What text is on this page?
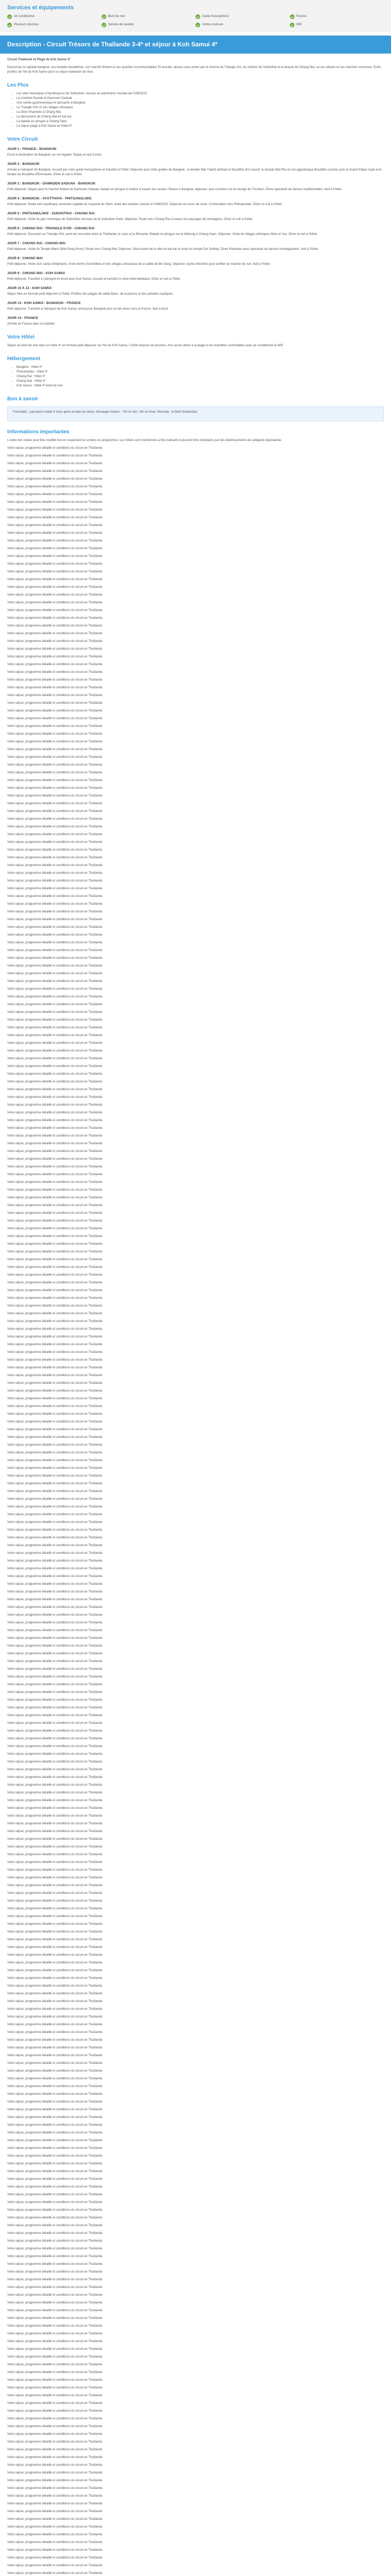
Services et équipements
Air conditionné	Bord de mer	Guide francophone	Piscine
Plusieurs piscines	Service de navette	Visites incluses	Wifi
Description - Circuit Trésors de Thaïlande 3-4* et séjour à Koh Samui 4*

Circuit Thaïlande et Plage de Koh Samui 4*

Découvrez la capitale bangkok, ses temples bouddhiste, son marché flottant et ses quartiers incontournables! Et ensuite, laissez-vous porter par le charme du Triangle d'or, les rizières de Sukhothai et la beauté de Chiang Mai, sa vie urbaine et ses marchés nocturnes. Enfin, profitez de l'île de Koh Samui pour un séjour balnéaire de rêve.

Les Plus
• Les sites historiques d'Ayutthaya et de Sukhothaï, classés au patrimoine mondial de l'UNESCO
• La croisière fluviale et Damnoen Saduak
• Une soirée gastronomique et dansante à Bangkok
• Le Triangle d'Or et ses villages ethniques
• Le dîner Khantoke à Chiang Mai
• La découverte de Chiang Mai en tuk-tuk
• La balade en pirogue à Chiang Saen
• Le séjour plage à Koh Samui en hôtel 4*
Votre Circuit
JOUR 1 : FRANCE - BANGKOK

Envol à destination de Bangkok sur vol régulier. Repas et nuit à bord.

JOUR 2 : BANGKOK

Arrivée à l'aéroport de Bangkok. Accueil par votre guide francophone et transfert à l'hôtel. Déjeuner puis visite guidée de Bangkok : le temple Wat Traimit abritant le Bouddha d'or massif, le temple Wat Pho et son gigantesque Bouddha couché, puis le Grand Palais royal et le temple du Bouddha d'Émeraude. Dîner et nuit à l'hôtel.

JOUR 3 : BANGKOK - DAMNOEN SADUAK - BANGKOK

Petit déjeuner. Départ pour le marché flottant de Damnoen Saduak, balade en pirogue à moteur à travers les canaux. Retour à Bangkok, déjeuner, puis croisière sur les klongs de Thonburi. Dîner-spectacle de danses traditionnelles. Nuit à l'hôtel.

JOUR 4 : BANGKOK - AYUTTHAYA - PHITSANULOKE

Petit déjeuner. Route vers Ayutthaya, ancienne capitale du royaume de Siam, visite des temples classés à l'UNESCO. Déjeuner en cours de route. Continuation vers Phitsanuloke. Dîner et nuit à l'hôtel.

JOUR 5 : PHITSANULOKE - SUKHOTHAI - CHIANG RAI

Petit déjeuner. Visite du parc historique de Sukhothai, berceau de la civilisation thaïe. Déjeuner. Route vers Chiang Rai à travers les paysages de montagnes. Dîner et nuit à l'hôtel.

JOUR 6 : CHIANG RAI - TRIANGLE D'OR - CHIANG RAI

Petit déjeuner. Excursion au Triangle d'Or, point de rencontre entre la Thaïlande, le Laos et la Birmanie. Balade en pirogue sur le Mékong à Chiang Saen. Déjeuner. Visite de villages ethniques Akha et Yao. Dîner et nuit à l'hôtel.

JOUR 7 : CHIANG RAI - CHIANG MAI

Petit déjeuner. Visite du Temple Blanc (Wat Rong Khun). Route vers Chiang Mai. Déjeuner. Découverte de la ville en tuk-tuk et visite du temple Doi Suthep. Dîner Khantoke avec spectacle de danses montagnardes. Nuit à l'hôtel.

JOUR 8 : CHIANG MAI

Petit déjeuner. Visite d'un camp d'éléphants, d'une ferme d'orchidées et des villages artisanaux de la vallée de Bo Sang. Déjeuner. Après-midi libre pour profiter du marché de nuit. Nuit à l'hôtel.

JOUR 9 : CHIANG MAI - KOH SAMUI

Petit déjeuner. Transfert à l'aéroport et envol pour Koh Samui. Accueil et transfert à votre hôtel balnéaire. Dîner et nuit à l'hôtel.

JOUR 10 À 12 : KOH SAMUI

Séjour libre en formule petit déjeuner à l'hôtel. Profitez des plages de sable blanc, de la piscine et des activités nautiques.

JOUR 13 : KOH SAMUI - BANGKOK - FRANCE

Petit déjeuner. Transfert à l'aéroport de Koh Samui, envol pour Bangkok puis vol de retour vers la France. Nuit à bord.

JOUR 14 : FRANCE

Arrivée en France dans la matinée.

Votre Hôtel

Séjour au bord de mer dans un hôtel 4* en formule petit déjeuner sur l'île de Koh Samui. L'hôtel dispose de piscines, d'un accès direct à la plage et de chambres confortables avec air conditionné et Wifi.

Hébergement
• Bangkok : Hôtel 4*
• Phitsanuloke : Hôtel 3*
• Chiang Rai : Hôtel 3*
• Chiang Mai : Hôtel 4*
• Koh Samui : Hôtel 4* bord de mer
Bon à savoir

Formalités : passeport valide 6 mois après la date de retour. Décalage horaire : +5h en été, +6h en hiver. Monnaie : le Baht thaïlandais.

Informations importantes

L'ordre des visites peut être modifié tout en respectant le contenu du programme. Les hôtels sont mentionnés à titre indicatif et peuvent être remplacés par des établissements de catégorie équivalente.

Votre séjour, programme détaillé et conditions du circuit en Thaïlande.

Votre séjour, programme détaillé et conditions du circuit en Thaïlande.

Votre séjour, programme détaillé et conditions du circuit en Thaïlande.

Votre séjour, programme détaillé et conditions du circuit en Thaïlande.

Votre séjour, programme détaillé et conditions du circuit en Thaïlande.

Votre séjour, programme détaillé et conditions du circuit en Thaïlande.

Votre séjour, programme détaillé et conditions du circuit en Thaïlande.

Votre séjour, programme détaillé et conditions du circuit en Thaïlande.

Votre séjour, programme détaillé et conditions du circuit en Thaïlande.

Votre séjour, programme détaillé et conditions du circuit en Thaïlande.

Votre séjour, programme détaillé et conditions du circuit en Thaïlande.

Votre séjour, programme détaillé et conditions du circuit en Thaïlande.

Votre séjour, programme détaillé et conditions du circuit en Thaïlande.

Votre séjour, programme détaillé et conditions du circuit en Thaïlande.

Votre séjour, programme détaillé et conditions du circuit en Thaïlande.

Votre séjour, programme détaillé et conditions du circuit en Thaïlande.

Votre séjour, programme détaillé et conditions du circuit en Thaïlande.

Votre séjour, programme détaillé et conditions du circuit en Thaïlande.

Votre séjour, programme détaillé et conditions du circuit en Thaïlande.

Votre séjour, programme détaillé et conditions du circuit en Thaïlande.

Votre séjour, programme détaillé et conditions du circuit en Thaïlande.

Votre séjour, programme détaillé et conditions du circuit en Thaïlande.

Votre séjour, programme détaillé et conditions du circuit en Thaïlande.

Votre séjour, programme détaillé et conditions du circuit en Thaïlande.

Votre séjour, programme détaillé et conditions du circuit en Thaïlande.

Votre séjour, programme détaillé et conditions du circuit en Thaïlande.

Votre séjour, programme détaillé et conditions du circuit en Thaïlande.

Votre séjour, programme détaillé et conditions du circuit en Thaïlande.

Votre séjour, programme détaillé et conditions du circuit en Thaïlande.

Votre séjour, programme détaillé et conditions du circuit en Thaïlande.

Votre séjour, programme détaillé et conditions du circuit en Thaïlande.

Votre séjour, programme détaillé et conditions du circuit en Thaïlande.

Votre séjour, programme détaillé et conditions du circuit en Thaïlande.

Votre séjour, programme détaillé et conditions du circuit en Thaïlande.

Votre séjour, programme détaillé et conditions du circuit en Thaïlande.

Votre séjour, programme détaillé et conditions du circuit en Thaïlande.

Votre séjour, programme détaillé et conditions du circuit en Thaïlande.

Votre séjour, programme détaillé et conditions du circuit en Thaïlande.

Votre séjour, programme détaillé et conditions du circuit en Thaïlande.

Votre séjour, programme détaillé et conditions du circuit en Thaïlande.

Votre séjour, programme détaillé et conditions du circuit en Thaïlande.

Votre séjour, programme détaillé et conditions du circuit en Thaïlande.

Votre séjour, programme détaillé et conditions du circuit en Thaïlande.

Votre séjour, programme détaillé et conditions du circuit en Thaïlande.

Votre séjour, programme détaillé et conditions du circuit en Thaïlande.

Votre séjour, programme détaillé et conditions du circuit en Thaïlande.

Votre séjour, programme détaillé et conditions du circuit en Thaïlande.

Votre séjour, programme détaillé et conditions du circuit en Thaïlande.

Votre séjour, programme détaillé et conditions du circuit en Thaïlande.

Votre séjour, programme détaillé et conditions du circuit en Thaïlande.

Votre séjour, programme détaillé et conditions du circuit en Thaïlande.

Votre séjour, programme détaillé et conditions du circuit en Thaïlande.

Votre séjour, programme détaillé et conditions du circuit en Thaïlande.

Votre séjour, programme détaillé et conditions du circuit en Thaïlande.

Votre séjour, programme détaillé et conditions du circuit en Thaïlande.

Votre séjour, programme détaillé et conditions du circuit en Thaïlande.

Votre séjour, programme détaillé et conditions du circuit en Thaïlande.

Votre séjour, programme détaillé et conditions du circuit en Thaïlande.

Votre séjour, programme détaillé et conditions du circuit en Thaïlande.

Votre séjour, programme détaillé et conditions du circuit en Thaïlande.

Votre séjour, programme détaillé et conditions du circuit en Thaïlande.

Votre séjour, programme détaillé et conditions du circuit en Thaïlande.

Votre séjour, programme détaillé et conditions du circuit en Thaïlande.

Votre séjour, programme détaillé et conditions du circuit en Thaïlande.

Votre séjour, programme détaillé et conditions du circuit en Thaïlande.

Votre séjour, programme détaillé et conditions du circuit en Thaïlande.

Votre séjour, programme détaillé et conditions du circuit en Thaïlande.

Votre séjour, programme détaillé et conditions du circuit en Thaïlande.

Votre séjour, programme détaillé et conditions du circuit en Thaïlande.

Votre séjour, programme détaillé et conditions du circuit en Thaïlande.

Votre séjour, programme détaillé et conditions du circuit en Thaïlande.

Votre séjour, programme détaillé et conditions du circuit en Thaïlande.

Votre séjour, programme détaillé et conditions du circuit en Thaïlande.

Votre séjour, programme détaillé et conditions du circuit en Thaïlande.

Votre séjour, programme détaillé et conditions du circuit en Thaïlande.

Votre séjour, programme détaillé et conditions du circuit en Thaïlande.

Votre séjour, programme détaillé et conditions du circuit en Thaïlande.

Votre séjour, programme détaillé et conditions du circuit en Thaïlande.

Votre séjour, programme détaillé et conditions du circuit en Thaïlande.

Votre séjour, programme détaillé et conditions du circuit en Thaïlande.

Votre séjour, programme détaillé et conditions du circuit en Thaïlande.

Votre séjour, programme détaillé et conditions du circuit en Thaïlande.

Votre séjour, programme détaillé et conditions du circuit en Thaïlande.

Votre séjour, programme détaillé et conditions du circuit en Thaïlande.

Votre séjour, programme détaillé et conditions du circuit en Thaïlande.

Votre séjour, programme détaillé et conditions du circuit en Thaïlande.

Votre séjour, programme détaillé et conditions du circuit en Thaïlande.

Votre séjour, programme détaillé et conditions du circuit en Thaïlande.

Votre séjour, programme détaillé et conditions du circuit en Thaïlande.

Votre séjour, programme détaillé et conditions du circuit en Thaïlande.

Votre séjour, programme détaillé et conditions du circuit en Thaïlande.

Votre séjour, programme détaillé et conditions du circuit en Thaïlande.

Votre séjour, programme détaillé et conditions du circuit en Thaïlande.

Votre séjour, programme détaillé et conditions du circuit en Thaïlande.

Votre séjour, programme détaillé et conditions du circuit en Thaïlande.

Votre séjour, programme détaillé et conditions du circuit en Thaïlande.

Votre séjour, programme détaillé et conditions du circuit en Thaïlande.

Votre séjour, programme détaillé et conditions du circuit en Thaïlande.

Votre séjour, programme détaillé et conditions du circuit en Thaïlande.

Votre séjour, programme détaillé et conditions du circuit en Thaïlande.

Votre séjour, programme détaillé et conditions du circuit en Thaïlande.

Votre séjour, programme détaillé et conditions du circuit en Thaïlande.

Votre séjour, programme détaillé et conditions du circuit en Thaïlande.

Votre séjour, programme détaillé et conditions du circuit en Thaïlande.

Votre séjour, programme détaillé et conditions du circuit en Thaïlande.

Votre séjour, programme détaillé et conditions du circuit en Thaïlande.

Votre séjour, programme détaillé et conditions du circuit en Thaïlande.

Votre séjour, programme détaillé et conditions du circuit en Thaïlande.

Votre séjour, programme détaillé et conditions du circuit en Thaïlande.

Votre séjour, programme détaillé et conditions du circuit en Thaïlande.

Votre séjour, programme détaillé et conditions du circuit en Thaïlande.

Votre séjour, programme détaillé et conditions du circuit en Thaïlande.

Votre séjour, programme détaillé et conditions du circuit en Thaïlande.

Votre séjour, programme détaillé et conditions du circuit en Thaïlande.

Votre séjour, programme détaillé et conditions du circuit en Thaïlande.

Votre séjour, programme détaillé et conditions du circuit en Thaïlande.

Votre séjour, programme détaillé et conditions du circuit en Thaïlande.

Votre séjour, programme détaillé et conditions du circuit en Thaïlande.

Votre séjour, programme détaillé et conditions du circuit en Thaïlande.

Votre séjour, programme détaillé et conditions du circuit en Thaïlande.

Votre séjour, programme détaillé et conditions du circuit en Thaïlande.

Votre séjour, programme détaillé et conditions du circuit en Thaïlande.

Votre séjour, programme détaillé et conditions du circuit en Thaïlande.

Votre séjour, programme détaillé et conditions du circuit en Thaïlande.

Votre séjour, programme détaillé et conditions du circuit en Thaïlande.

Votre séjour, programme détaillé et conditions du circuit en Thaïlande.

Votre séjour, programme détaillé et conditions du circuit en Thaïlande.

Votre séjour, programme détaillé et conditions du circuit en Thaïlande.

Votre séjour, programme détaillé et conditions du circuit en Thaïlande.

Votre séjour, programme détaillé et conditions du circuit en Thaïlande.

Votre séjour, programme détaillé et conditions du circuit en Thaïlande.

Votre séjour, programme détaillé et conditions du circuit en Thaïlande.

Votre séjour, programme détaillé et conditions du circuit en Thaïlande.

Votre séjour, programme détaillé et conditions du circuit en Thaïlande.

Votre séjour, programme détaillé et conditions du circuit en Thaïlande.

Votre séjour, programme détaillé et conditions du circuit en Thaïlande.

Votre séjour, programme détaillé et conditions du circuit en Thaïlande.

Votre séjour, programme détaillé et conditions du circuit en Thaïlande.

Votre séjour, programme détaillé et conditions du circuit en Thaïlande.

Votre séjour, programme détaillé et conditions du circuit en Thaïlande.

Votre séjour, programme détaillé et conditions du circuit en Thaïlande.

Votre séjour, programme détaillé et conditions du circuit en Thaïlande.

Votre séjour, programme détaillé et conditions du circuit en Thaïlande.

Votre séjour, programme détaillé et conditions du circuit en Thaïlande.

Votre séjour, programme détaillé et conditions du circuit en Thaïlande.

Votre séjour, programme détaillé et conditions du circuit en Thaïlande.

Votre séjour, programme détaillé et conditions du circuit en Thaïlande.

Votre séjour, programme détaillé et conditions du circuit en Thaïlande.

Votre séjour, programme détaillé et conditions du circuit en Thaïlande.

Votre séjour, programme détaillé et conditions du circuit en Thaïlande.

Votre séjour, programme détaillé et conditions du circuit en Thaïlande.

Votre séjour, programme détaillé et conditions du circuit en Thaïlande.

Votre séjour, programme détaillé et conditions du circuit en Thaïlande.

Votre séjour, programme détaillé et conditions du circuit en Thaïlande.

Votre séjour, programme détaillé et conditions du circuit en Thaïlande.

Votre séjour, programme détaillé et conditions du circuit en Thaïlande.

Votre séjour, programme détaillé et conditions du circuit en Thaïlande.

Votre séjour, programme détaillé et conditions du circuit en Thaïlande.

Votre séjour, programme détaillé et conditions du circuit en Thaïlande.

Votre séjour, programme détaillé et conditions du circuit en Thaïlande.

Votre séjour, programme détaillé et conditions du circuit en Thaïlande.

Votre séjour, programme détaillé et conditions du circuit en Thaïlande.

Votre séjour, programme détaillé et conditions du circuit en Thaïlande.

Votre séjour, programme détaillé et conditions du circuit en Thaïlande.

Votre séjour, programme détaillé et conditions du circuit en Thaïlande.

Votre séjour, programme détaillé et conditions du circuit en Thaïlande.

Votre séjour, programme détaillé et conditions du circuit en Thaïlande.

Votre séjour, programme détaillé et conditions du circuit en Thaïlande.

Votre séjour, programme détaillé et conditions du circuit en Thaïlande.

Votre séjour, programme détaillé et conditions du circuit en Thaïlande.

Votre séjour, programme détaillé et conditions du circuit en Thaïlande.

Votre séjour, programme détaillé et conditions du circuit en Thaïlande.

Votre séjour, programme détaillé et conditions du circuit en Thaïlande.

Votre séjour, programme détaillé et conditions du circuit en Thaïlande.

Votre séjour, programme détaillé et conditions du circuit en Thaïlande.

Votre séjour, programme détaillé et conditions du circuit en Thaïlande.

Votre séjour, programme détaillé et conditions du circuit en Thaïlande.

Votre séjour, programme détaillé et conditions du circuit en Thaïlande.

Votre séjour, programme détaillé et conditions du circuit en Thaïlande.

Votre séjour, programme détaillé et conditions du circuit en Thaïlande.

Votre séjour, programme détaillé et conditions du circuit en Thaïlande.

Votre séjour, programme détaillé et conditions du circuit en Thaïlande.

Votre séjour, programme détaillé et conditions du circuit en Thaïlande.

Votre séjour, programme détaillé et conditions du circuit en Thaïlande.

Votre séjour, programme détaillé et conditions du circuit en Thaïlande.

Votre séjour, programme détaillé et conditions du circuit en Thaïlande.

Votre séjour, programme détaillé et conditions du circuit en Thaïlande.

Votre séjour, programme détaillé et conditions du circuit en Thaïlande.

Votre séjour, programme détaillé et conditions du circuit en Thaïlande.

Votre séjour, programme détaillé et conditions du circuit en Thaïlande.

Votre séjour, programme détaillé et conditions du circuit en Thaïlande.

Votre séjour, programme détaillé et conditions du circuit en Thaïlande.

Votre séjour, programme détaillé et conditions du circuit en Thaïlande.

Votre séjour, programme détaillé et conditions du circuit en Thaïlande.

Votre séjour, programme détaillé et conditions du circuit en Thaïlande.

Votre séjour, programme détaillé et conditions du circuit en Thaïlande.

Votre séjour, programme détaillé et conditions du circuit en Thaïlande.

Votre séjour, programme détaillé et conditions du circuit en Thaïlande.

Votre séjour, programme détaillé et conditions du circuit en Thaïlande.

Votre séjour, programme détaillé et conditions du circuit en Thaïlande.

Votre séjour, programme détaillé et conditions du circuit en Thaïlande.

Votre séjour, programme détaillé et conditions du circuit en Thaïlande.

Votre séjour, programme détaillé et conditions du circuit en Thaïlande.

Votre séjour, programme détaillé et conditions du circuit en Thaïlande.

Votre séjour, programme détaillé et conditions du circuit en Thaïlande.

Votre séjour, programme détaillé et conditions du circuit en Thaïlande.

Votre séjour, programme détaillé et conditions du circuit en Thaïlande.

Votre séjour, programme détaillé et conditions du circuit en Thaïlande.

Votre séjour, programme détaillé et conditions du circuit en Thaïlande.

Votre séjour, programme détaillé et conditions du circuit en Thaïlande.

Votre séjour, programme détaillé et conditions du circuit en Thaïlande.

Votre séjour, programme détaillé et conditions du circuit en Thaïlande.

Votre séjour, programme détaillé et conditions du circuit en Thaïlande.

Votre séjour, programme détaillé et conditions du circuit en Thaïlande.

Votre séjour, programme détaillé et conditions du circuit en Thaïlande.

Votre séjour, programme détaillé et conditions du circuit en Thaïlande.

Votre séjour, programme détaillé et conditions du circuit en Thaïlande.

Votre séjour, programme détaillé et conditions du circuit en Thaïlande.

Votre séjour, programme détaillé et conditions du circuit en Thaïlande.

Votre séjour, programme détaillé et conditions du circuit en Thaïlande.

Votre séjour, programme détaillé et conditions du circuit en Thaïlande.

Votre séjour, programme détaillé et conditions du circuit en Thaïlande.

Votre séjour, programme détaillé et conditions du circuit en Thaïlande.

Votre séjour, programme détaillé et conditions du circuit en Thaïlande.

Votre séjour, programme détaillé et conditions du circuit en Thaïlande.

Votre séjour, programme détaillé et conditions du circuit en Thaïlande.

Votre séjour, programme détaillé et conditions du circuit en Thaïlande.

Votre séjour, programme détaillé et conditions du circuit en Thaïlande.

Votre séjour, programme détaillé et conditions du circuit en Thaïlande.

Votre séjour, programme détaillé et conditions du circuit en Thaïlande.

Votre séjour, programme détaillé et conditions du circuit en Thaïlande.

Votre séjour, programme détaillé et conditions du circuit en Thaïlande.

Votre séjour, programme détaillé et conditions du circuit en Thaïlande.

Votre séjour, programme détaillé et conditions du circuit en Thaïlande.

Votre séjour, programme détaillé et conditions du circuit en Thaïlande.

Votre séjour, programme détaillé et conditions du circuit en Thaïlande.

Votre séjour, programme détaillé et conditions du circuit en Thaïlande.

Votre séjour, programme détaillé et conditions du circuit en Thaïlande.

Votre séjour, programme détaillé et conditions du circuit en Thaïlande.

Votre séjour, programme détaillé et conditions du circuit en Thaïlande.

Votre séjour, programme détaillé et conditions du circuit en Thaïlande.

Votre séjour, programme détaillé et conditions du circuit en Thaïlande.

Votre séjour, programme détaillé et conditions du circuit en Thaïlande.

Votre séjour, programme détaillé et conditions du circuit en Thaïlande.

Votre séjour, programme détaillé et conditions du circuit en Thaïlande.

Votre séjour, programme détaillé et conditions du circuit en Thaïlande.

Votre séjour, programme détaillé et conditions du circuit en Thaïlande.

Votre séjour, programme détaillé et conditions du circuit en Thaïlande.

Votre séjour, programme détaillé et conditions du circuit en Thaïlande.

Votre séjour, programme détaillé et conditions du circuit en Thaïlande.

Votre séjour, programme détaillé et conditions du circuit en Thaïlande.

Votre séjour, programme détaillé et conditions du circuit en Thaïlande.

Votre séjour, programme détaillé et conditions du circuit en Thaïlande.

Votre séjour, programme détaillé et conditions du circuit en Thaïlande.

Votre séjour, programme détaillé et conditions du circuit en Thaïlande.

Votre séjour, programme détaillé et conditions du circuit en Thaïlande.

Votre séjour, programme détaillé et conditions du circuit en Thaïlande.

Votre séjour, programme détaillé et conditions du circuit en Thaïlande.

Votre séjour, programme détaillé et conditions du circuit en Thaïlande.

Votre séjour, programme détaillé et conditions du circuit en Thaïlande.

Votre séjour, programme détaillé et conditions du circuit en Thaïlande.

Votre séjour, programme détaillé et conditions du circuit en Thaïlande.

Votre séjour, programme détaillé et conditions du circuit en Thaïlande.

Votre séjour, programme détaillé et conditions du circuit en Thaïlande.

Votre séjour, programme détaillé et conditions du circuit en Thaïlande.

Votre séjour, programme détaillé et conditions du circuit en Thaïlande.

Votre séjour, programme détaillé et conditions du circuit en Thaïlande.

Votre séjour, programme détaillé et conditions du circuit en Thaïlande.

Votre séjour, programme détaillé et conditions du circuit en Thaïlande.

Votre séjour, programme détaillé et conditions du circuit en Thaïlande.

Votre séjour, programme détaillé et conditions du circuit en Thaïlande.

Votre séjour, programme détaillé et conditions du circuit en Thaïlande.

Votre séjour, programme détaillé et conditions du circuit en Thaïlande.

Votre séjour, programme détaillé et conditions du circuit en Thaïlande.

Votre séjour, programme détaillé et conditions du circuit en Thaïlande.

Votre séjour, programme détaillé et conditions du circuit en Thaïlande.
